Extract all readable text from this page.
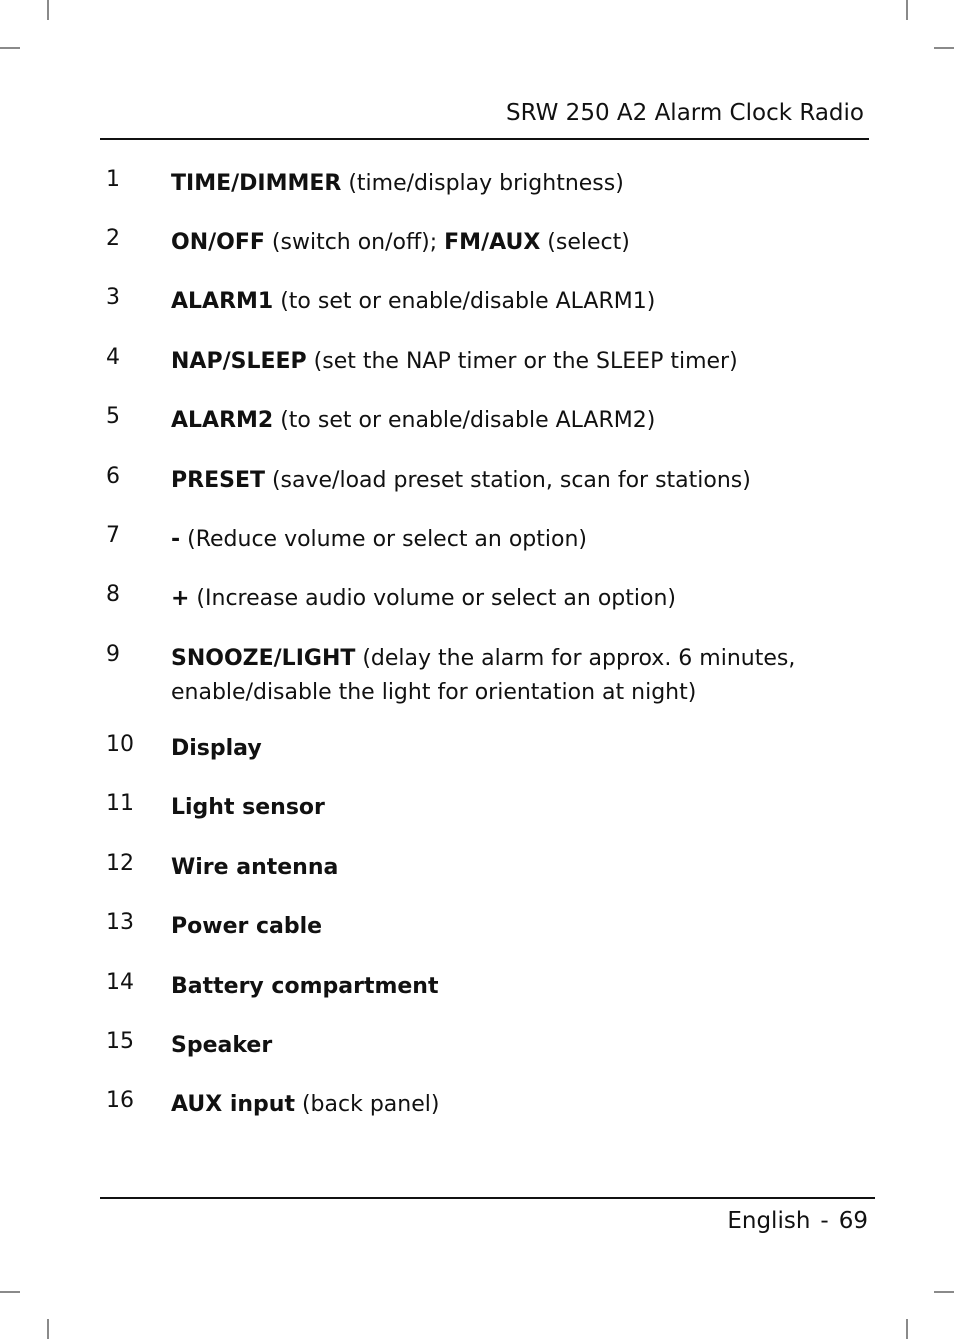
SRW 250 A2 Alarm Clock Radio
1 TIME/DIMMER (time/display brightness)
2 ON/OFF (switch on/off); FM/AUX (select)
3 ALARM1 (to set or enable/disable ALARM1)
4 NAP/SLEEP (set the NAP timer or the SLEEP timer)
5 ALARM2 (to set or enable/disable ALARM2)
6 PRESET (save/load preset station, scan for stations)
7 - (Reduce volume or select an option)
8 + (Increase audio volume or select an option)
9 SNOOZE/LIGHT (delay the alarm for approx. 6 minutes, enable/disable the light for orientation at night)
10 Display
11 Light sensor
12 Wire antenna
13 Power cable
14 Battery compartment
15 Speaker
16 AUX input (back panel)
English - 69
